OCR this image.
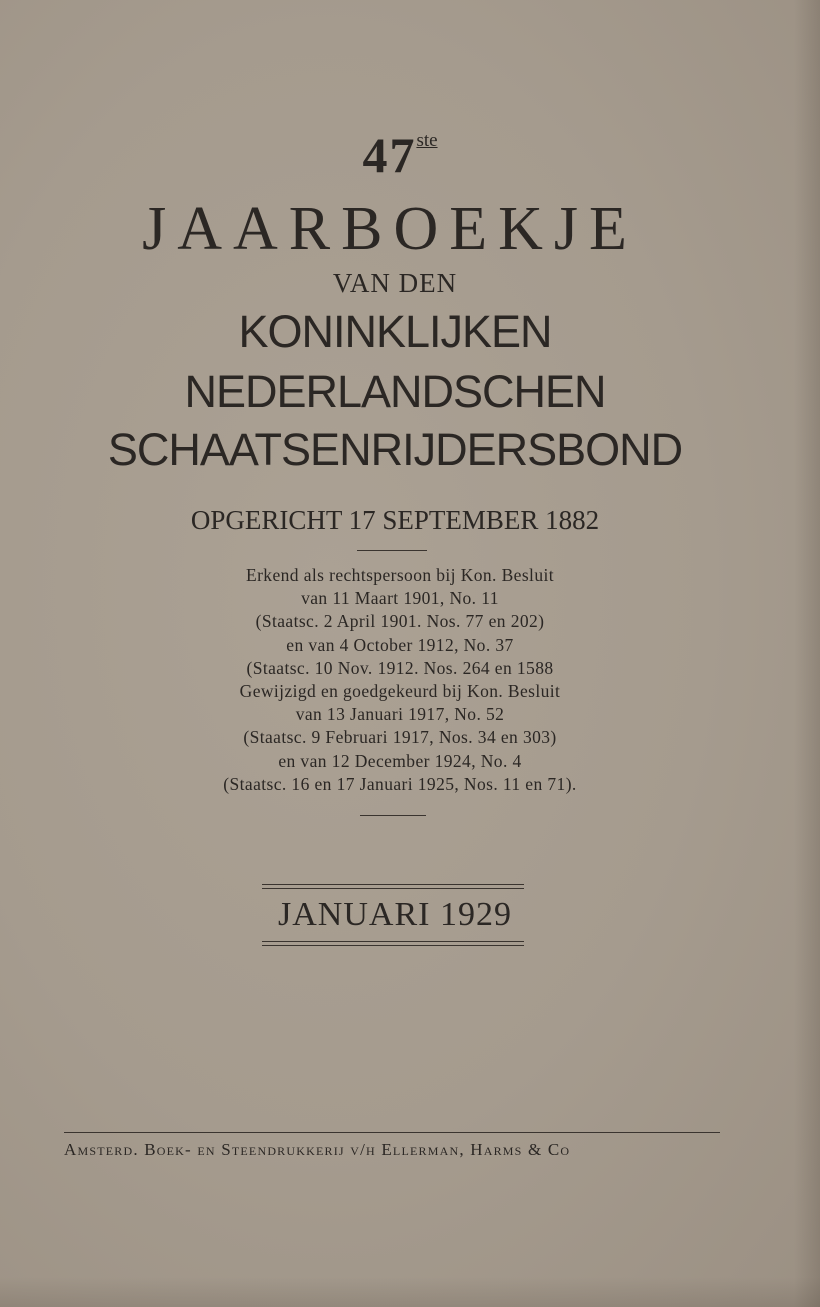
47ste
JAARBOEKJE
VAN DEN
KONINKLIJKEN
NEDERLANDSCHEN
SCHAATSENRIJDERSBOND
OPGERICHT 17 SEPTEMBER 1882
Erkend als rechtspersoon bij Kon. Besluit
van 11 Maart 1901, No. 11
(Staatsc. 2 April 1901. Nos. 77 en 202)
en van 4 October 1912, No. 37
(Staatsc. 10 Nov. 1912. Nos. 264 en 1588
Gewijzigd en goedgekeurd bij Kon. Besluit
van 13 Januari 1917, No. 52
(Staatsc. 9 Februari 1917, Nos. 34 en 303)
en van 12 December 1924, No. 4
(Staatsc. 16 en 17 Januari 1925, Nos. 11 en 71).
JANUARI 1929
Amsterd. Boek- en Steendrukkerij v/h Ellerman, Harms & Co
